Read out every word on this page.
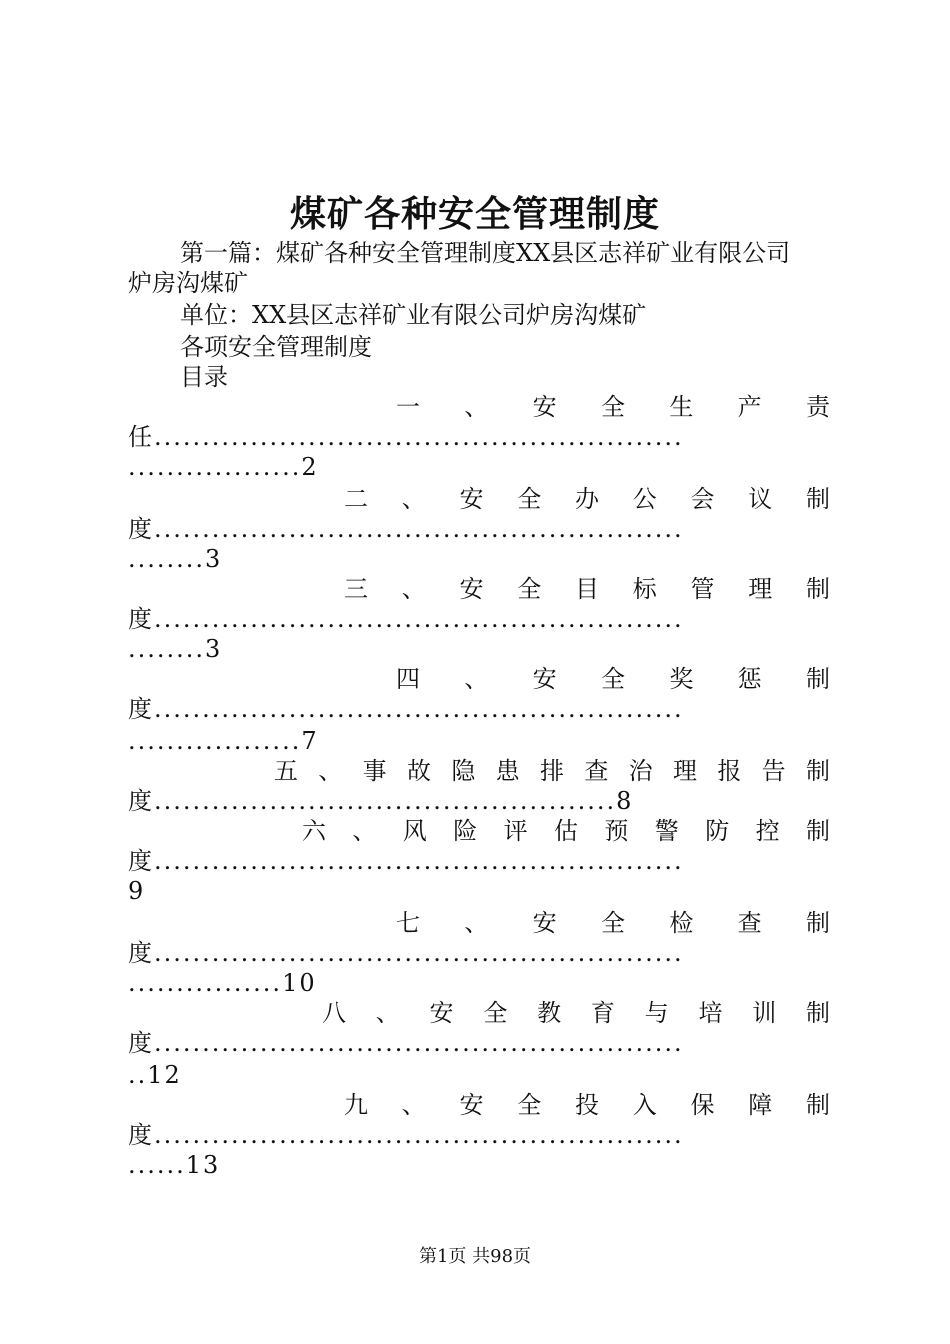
煤矿各种安全管理制度
第一篇：煤矿各种安全管理制度XX县区志祥矿业有限公司
炉房沟煤矿
单位：XX县区志祥矿业有限公司炉房沟煤矿
各项安全管理制度
目录
一、安全生产责
任.......................................................
..................2
二、安全办公会议制
度.......................................................
........3
三、安全目标管理制
度.......................................................
........3
四、安全奖惩制
度.......................................................
..................7
五、事故隐患排查治理报告制
度................................................8
六、风险评估预警防控制
度.......................................................
9
七、安全检查制
度.......................................................
................10
八、安全教育与培训制
度.......................................................
..12
九、安全投入保障制
度.......................................................
......13
第1页 共98页
